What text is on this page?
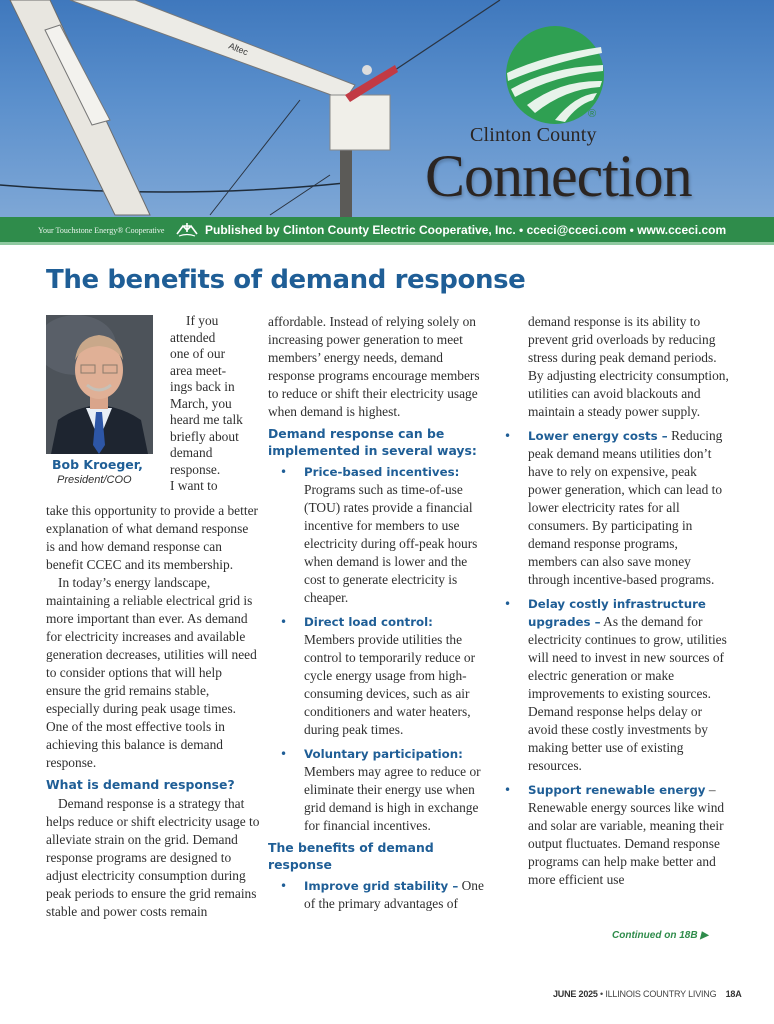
Altec
®
Clinton County
Connection
Your Touchstone Energy® Cooperative	Published by Clinton County Electric Cooperative, Inc. • cceci@cceci.com • www.cceci.com
The benefits of demand response
Bob Kroeger,
President/COO
If you
attended
one of our
area meet-
ings back in
March, you
heard me talk
briefly about
demand
response.
I want to

take this opportunity to provide a better explanation of what demand response is and how demand response can benefit CCEC and its membership.

In today’s energy landscape, maintaining a reliable electrical grid is more important than ever. As demand for electricity increases and available generation decreases, utilities will need to consider options that will help ensure the grid remains stable, especially during peak usage times. One of the most effective tools in achieving this balance is demand response.

What is demand response?

Demand response is a strategy that helps reduce or shift electricity usage to alleviate strain on the grid. Demand response programs are designed to adjust electricity consumption during peak periods to ensure the grid remains stable and power costs remain

affordable. Instead of relying solely on increasing power generation to meet members’ energy needs, demand response programs encourage members to reduce or shift their electricity usage when demand is highest.

Demand response can be implemented in several ways:
• Price-based incentives: Programs such as time-of-use (TOU) rates provide a financial incentive for members to use electricity during off-peak hours when demand is lower and the cost to generate electricity is cheaper.
• Direct load control: Members provide utilities the control to temporarily reduce or cycle energy usage from high-consuming devices, such as air conditioners and water heaters, during peak times.
• Voluntary participation: Members may agree to reduce or eliminate their energy use when grid demand is high in exchange for financial incentives.
The benefits of demand response
• Improve grid stability – One of the primary advantages of

demand response is its ability to prevent grid overloads by reducing stress during peak demand periods. By adjusting electricity consumption, utilities can avoid blackouts and maintain a steady power supply.

• Lower energy costs – Reducing peak demand means utilities don’t have to rely on expensive, peak power generation, which can lead to lower electricity rates for all consumers. By participating in demand response programs, members can also save money through incentive-based programs.
• Delay costly infrastructure upgrades – As the demand for electricity continues to grow, utilities will need to invest in new sources of electric generation or make improvements to existing sources. Demand response helps delay or avoid these costly investments by making better use of existing resources.
• Support renewable energy – Renewable energy sources like wind and solar are variable, meaning their output fluctuates. Demand response programs can help make better and more efficient use
Continued on 18B ▶
JUNE 2025 • ILLINOIS COUNTRY LIVING 18A
